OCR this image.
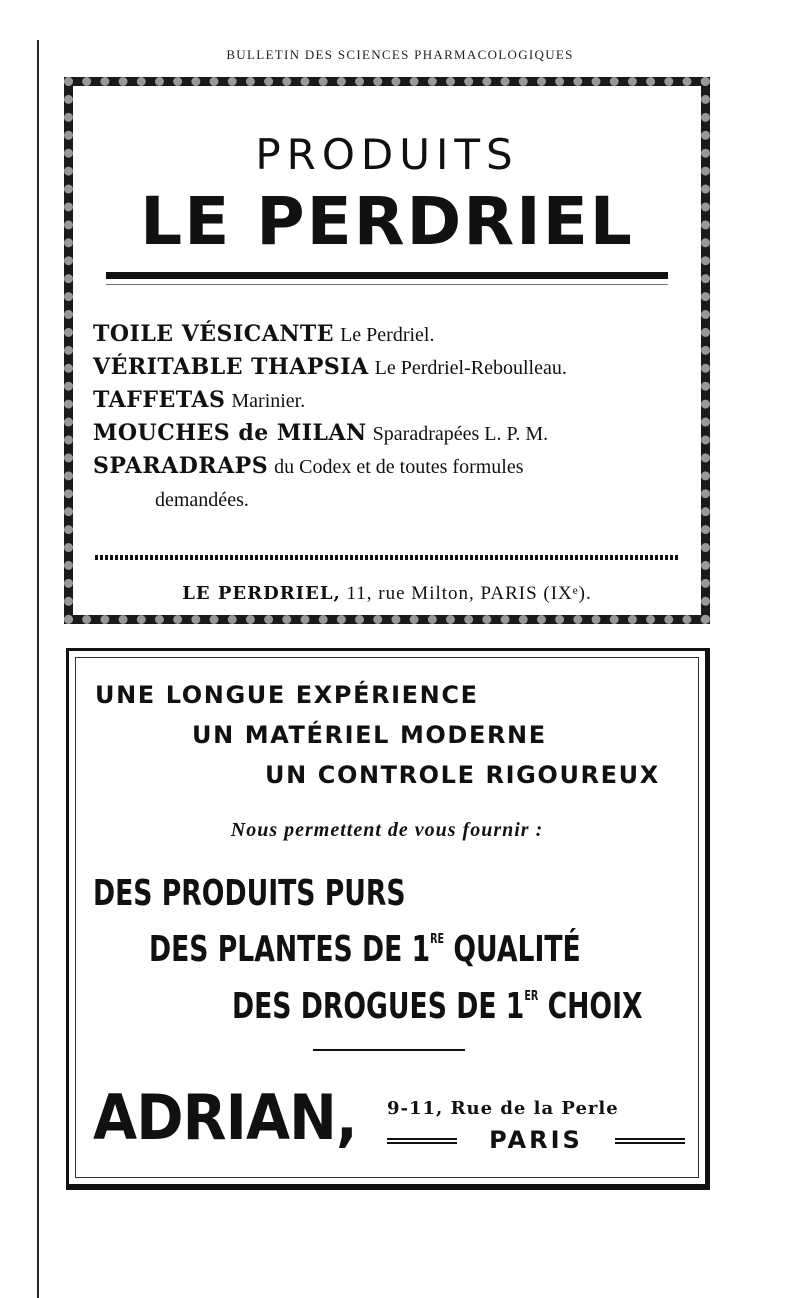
BULLETIN DES SCIENCES PHARMACOLOGIQUES
PRODUITS
LE PERDRIEL
TOILE VÉSICANTE Le Perdriel.
VÉRITABLE THAPSIA Le Perdriel-Reboulleau.
TAFFETAS Marinier.
MOUCHES de MILAN Sparadrapées L. P. M.
SPARADRAPS du Codex et de toutes formules
demandées.
LE PERDRIEL, 11, rue Milton, PARIS (IXᵉ).
UNE LONGUE EXPÉRIENCE
UN MATÉRIEL MODERNE
UN CONTROLE RIGOUREUX
Nous permettent de vous fournir :
DES PRODUITS PURS
DES PLANTES DE 1RE QUALITÉ
DES DROGUES DE 1ER CHOIX
ADRIAN, 9-11, Rue de la Perle
PARIS
